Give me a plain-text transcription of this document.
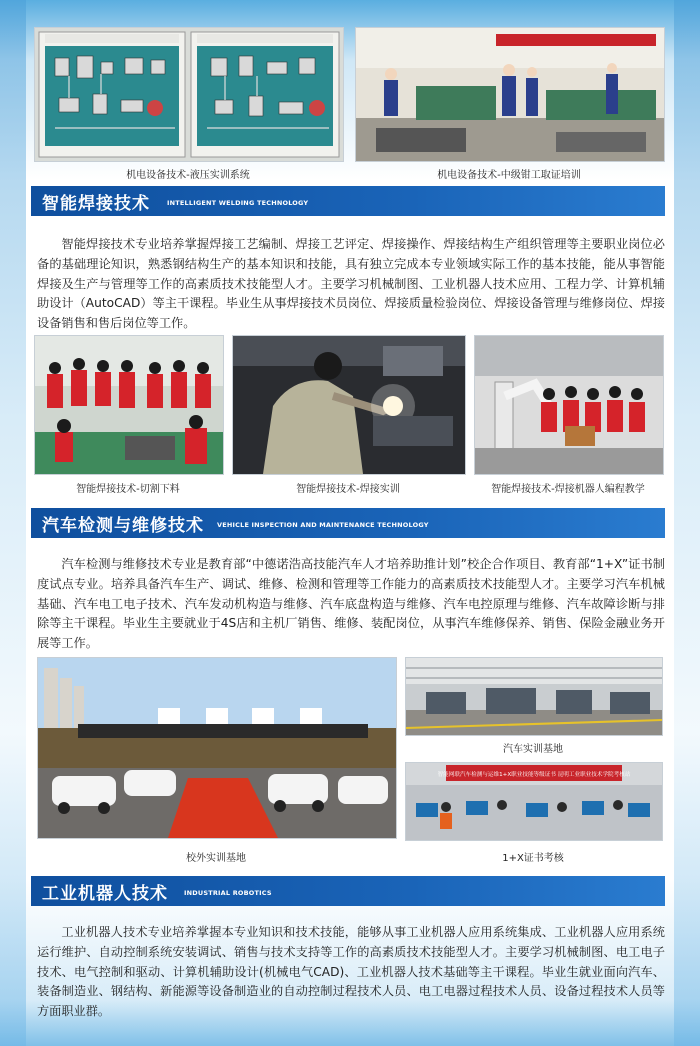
机电设备技术-液压实训系统	机电设备技术-中级钳工取证培训
智能焊接技术	INTELLIGENT WELDING TECHNOLOGY
智能焊接技术专业培养掌握焊接工艺编制、焊接工艺评定、焊接操作、焊接结构生产组织管理等主要职业岗位必备的基础理论知识，熟悉钢结构生产的基本知识和技能，具有独立完成本专业领域实际工作的基本技能，能从事智能焊接及生产与管理等工作的高素质技术技能型人才。主要学习机械制图、工业机器人技术应用、工程力学、计算机辅助设计（AutoCAD）等主干课程。毕业生从事焊接技术员岗位、焊接质量检验岗位、焊接设备管理与维修岗位、焊接设备销售和售后岗位等工作。
智能焊接技术-切割下料	智能焊接技术-焊接实训	智能焊接技术-焊接机器人编程教学
汽车检测与维修技术 VEHICLE INSPECTION AND MAINTENANCE TECHNOLOGY
汽车检测与维修技术专业是教育部“中德诺浩高技能汽车人才培养助推计划”校企合作项目、教育部“1+X”证书制度试点专业。培养具备汽车生产、调试、维修、检测和管理等工作能力的高素质技术技能型人才。主要学习汽车机械基础、汽车电工电子技术、汽车发动机构造与维修、汽车底盘构造与维修、汽车电控原理与维修、汽车故障诊断与排除等主干课程。毕业生主要就业于4S店和主机厂销售、维修、装配岗位，从事汽车维修保养、销售、保险金融业务开展等工作。
汽车实训基地
智能网联汽车检测与运维1+X职业技能等级证书 昆明工业职业技术学院考核站
校外实训基地	1+X证书考核
工业机器人技术 INDUSTRIAL ROBOTICS
工业机器人技术专业培养掌握本专业知识和技术技能，能够从事工业机器人应用系统集成、工业机器人应用系统运行维护、自动控制系统安装调试、销售与技术支持等工作的高素质技术技能型人才。主要学习机械制图、电工电子技术、电气控制和驱动、计算机辅助设计(机械电气CAD)、工业机器人技术基础等主干课程。毕业生就业面向汽车、装备制造业、钢结构、新能源等设备制造业的自动控制过程技术人员、电工电器过程技术人员、设备过程技术人员等方面职业群。
